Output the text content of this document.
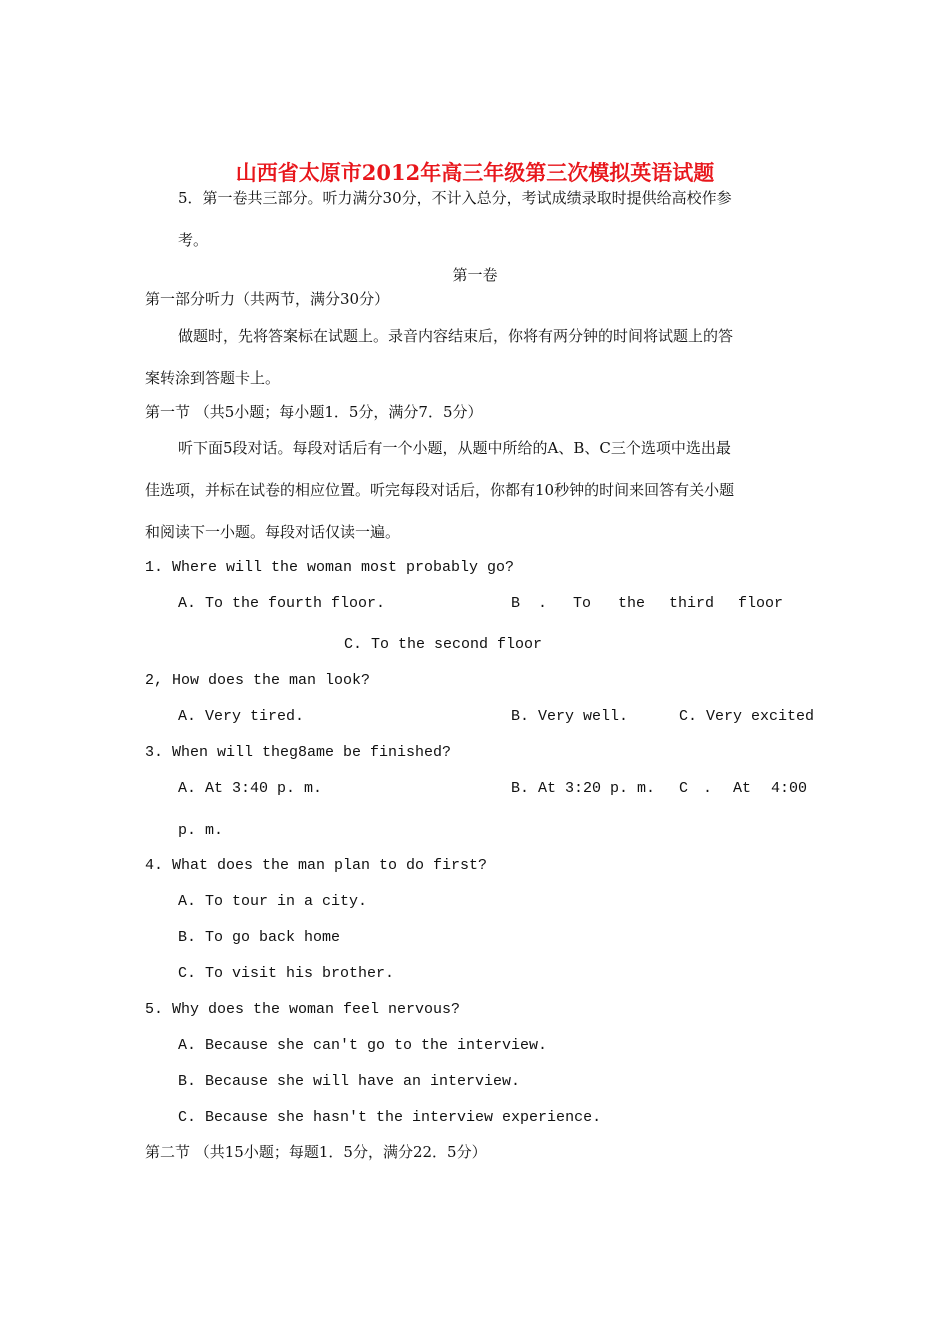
山西省太原市2012年高三年级第三次模拟英语试题
5．第一卷共三部分。听力满分30分，不计入总分，考试成绩录取时提供给高校作参
考。
第一卷
第一部分听力（共两节，满分30分）
做题时，先将答案标在试题上。录音内容结束后，你将有两分钟的时间将试题上的答
案转涂到答题卡上。
第一节 （共5小题；每小题1．5分，满分7．5分）
听下面5段对话。每段对话后有一个小题，从题中所给的A、B、C三个选项中选出最
佳选项，并标在试卷的相应位置。听完每段对话后，你都有10秒钟的时间来回答有关小题
和阅读下一小题。每段对话仅读一遍。
1. Where will the woman most probably go?
A. To the fourth floor.	B . To the third floor
C. To the second floor
2, How does the man look?
A. Very tired.	B. Very well.	C. Very excited
3. When will theg8ame be finished?
A. At 3:40 p. m.	B. At 3:20 p. m. C . At 4:00
p. m.
4. What does the man plan to do first?
A. To tour in a city.
B. To go back home
C. To visit his brother.
5. Why does the woman feel nervous?
A. Because she can't go to the interview.
B. Because she will have an interview.
C. Because she hasn't the interview experience.
第二节 （共15小题；每题1．5分，满分22．5分）
